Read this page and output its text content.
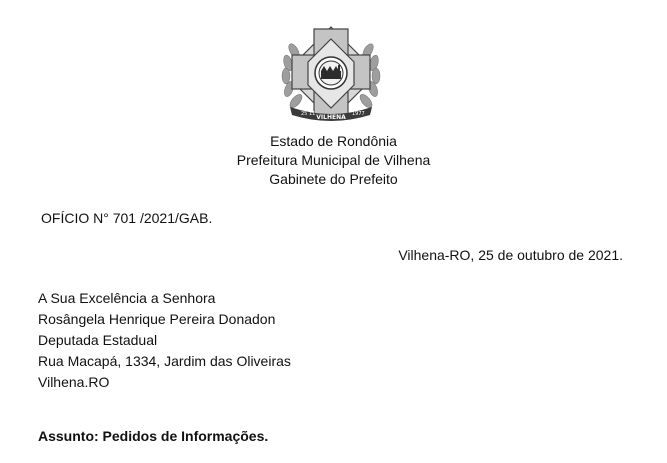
25 11 VILHENA 1977
Estado de Rondônia
Prefeitura Municipal de Vilhena
Gabinete do Prefeito
OFÍCIO N° 701 /2021/GAB.
Vilhena-RO, 25 de outubro de 2021.
A Sua Excelência a Senhora
Rosângela Henrique Pereira Donadon
Deputada Estadual
Rua Macapá, 1334, Jardim das Oliveiras
Vilhena.RO
Assunto: Pedidos de Informações.
